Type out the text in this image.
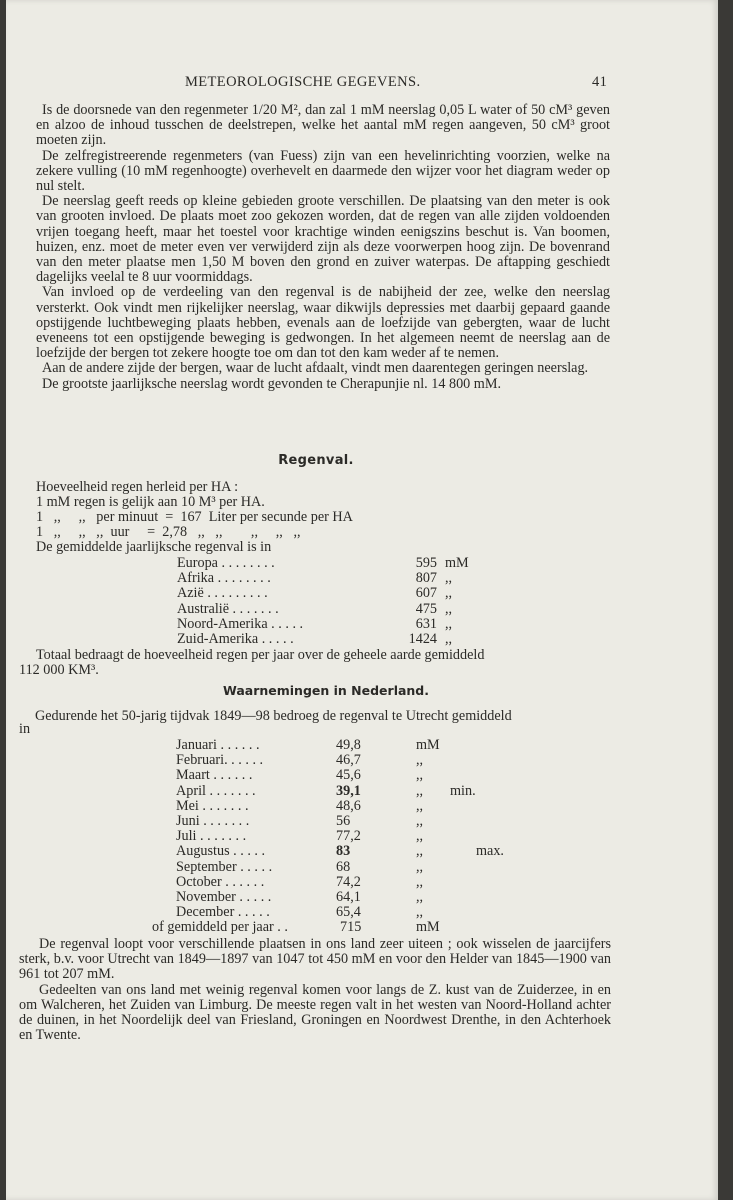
METEOROLOGISCHE GEGEVENS.	41

Is de doorsnede van den regenmeter 1/20 M², dan zal 1 mM neerslag 0,05 L water of 50 cM³ geven en alzoo de inhoud tusschen de deelstrepen, welke het aantal mM regen aangeven, 50 cM³ groot moeten zijn.

De zelfregistreerende regenmeters (van Fuess) zijn van een hevelinrichting voorzien, welke na zekere vulling (10 mM regenhoogte) overhevelt en daarmede den wijzer voor het diagram weder op nul stelt.

De neerslag geeft reeds op kleine gebieden groote verschillen. De plaatsing van den meter is ook van grooten invloed. De plaats moet zoo gekozen worden, dat de regen van alle zijden voldoenden vrijen toegang heeft, maar het toestel voor krachtige winden eenigszins beschut is. Van boomen, huizen, enz. moet de meter even ver verwijderd zijn als deze voorwerpen hoog zijn. De bovenrand van den meter plaatse men 1,50 M boven den grond en zuiver waterpas. De aftapping geschiedt dagelijks veelal te 8 uur voormiddags.

Van invloed op de verdeeling van den regenval is de nabijheid der zee, welke den neerslag versterkt. Ook vindt men rijkelijker neerslag, waar dikwijls depressies met daarbij gepaard gaande opstijgende luchtbeweging plaats hebben, evenals aan de loefzijde van gebergten, waar de lucht eveneens tot een opstijgende beweging is gedwongen. In het algemeen neemt de neerslag aan de loefzijde der bergen tot zekere hoogte toe om dan tot den kam weder af te nemen.

Aan de andere zijde der bergen, waar de lucht afdaalt, vindt men daarentegen geringen neerslag.

De grootste jaarlijksche neerslag wordt gevonden te Cherapunjie nl. 14 800 mM.

Regenval.
Hoeveelheid regen herleid per HA :
1 mM regen is gelijk aan 10 M³ per HA.
1   ,,     ,,   per minuut  =  167  Liter per secunde per HA
1   ,,     ,,   ,,  uur     =  2,78   ,,   ,,        ,,     ,,   ,,
De gemiddelde jaarlijksche regenval is in
Europa . . . . . . . .	595 mM
Afrika . . . . . . . .	807 ,,
Azië . . . . . . . . .	607 ,,
Australië . . . . . . .	475 ,,
Noord-Amerika . . . . .	631 ,,
Zuid-Amerika . . . . .	1424 ,,
Totaal bedraagt de hoeveelheid regen per jaar over de geheele aarde gemiddeld
112 000 KM³.
Waarnemingen in Nederland.
Gedurende het 50-jarig tijdvak 1849—98 bedroeg de regenval te Utrecht gemiddeld
in
Januari . . . . . .	49,8	mM
Februari. . . . . .	46,7	,,
Maart . . . . . .	45,6	,,
April . . . . . . .	39,1	,, min.
Mei . . . . . . .	48,6	,,
Juni . . . . . . .	56	,,
Juli . . . . . . .	77,2	,,
Augustus . . . . .	83	,,	max.
September . . . . .	68	,,
October . . . . . .	74,2	,,
November . . . . .	64,1	,,
December . . . . .	65,4	,,
of gemiddeld per jaar . .	715	mM

De regenval loopt voor verschillende plaatsen in ons land zeer uiteen ; ook wisselen de jaarcijfers sterk, b.v. voor Utrecht van 1849—1897 van 1047 tot 450 mM en voor den Helder van 1845—1900 van 961 tot 207 mM.

Gedeelten van ons land met weinig regenval komen voor langs de Z. kust van de Zuiderzee, in en om Walcheren, het Zuiden van Limburg. De meeste regen valt in het westen van Noord-Holland achter de duinen, in het Noordelijk deel van Friesland, Groningen en Noordwest Drenthe, in den Achterhoek en Twente.
